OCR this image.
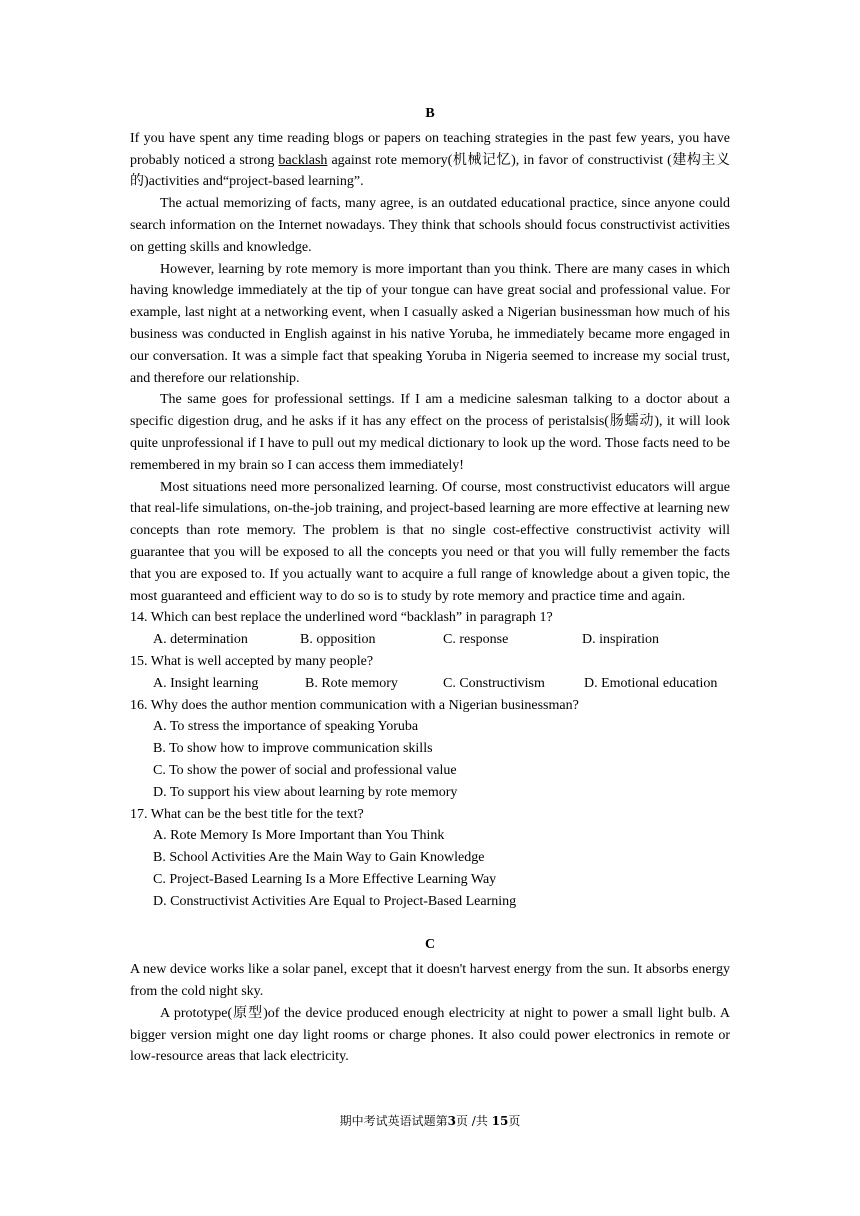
B

If you have spent any time reading blogs or papers on teaching strategies in the past few years, you have probably noticed a strong backlash against rote memory(机械记忆), in favor of constructivist (建构主义的)activities and“project-based learning”.

The actual memorizing of facts, many agree, is an outdated educational practice, since anyone could search information on the Internet nowadays. They think that schools should focus constructivist activities on getting skills and knowledge.

However, learning by rote memory is more important than you think. There are many cases in which having knowledge immediately at the tip of your tongue can have great social and professional value. For example, last night at a networking event, when I casually asked a Nigerian businessman how much of his business was conducted in English against in his native Yoruba, he immediately became more engaged in our conversation. It was a simple fact that speaking Yoruba in Nigeria seemed to increase my social trust, and therefore our relationship.

The same goes for professional settings. If I am a medicine salesman talking to a doctor about a specific digestion drug, and he asks if it has any effect on the process of peristalsis(肠蠕动), it will look quite unprofessional if I have to pull out my medical dictionary to look up the word. Those facts need to be remembered in my brain so I can access them immediately!

Most situations need more personalized learning. Of course, most constructivist educators will argue that real-life simulations, on-the-job training, and project-based learning are more effective at learning new concepts than rote memory. The problem is that no single cost-effective constructivist activity will guarantee that you will be exposed to all the concepts you need or that you will fully remember the facts that you are exposed to. If you actually want to acquire a full range of knowledge about a given topic, the most guaranteed and efficient way to do so is to study by rote memory and practice time and again.

14. Which can best replace the underlined word “backlash” in paragraph 1?

A. determination	B. opposition	C. response	D. inspiration

15. What is well accepted by many people?

A. Insight learning	B. Rote memory	C. Constructivism	D. Emotional education

16. Why does the author mention communication with a Nigerian businessman?

A. To stress the importance of speaking Yoruba

B. To show how to improve communication skills

C. To show the power of social and professional value

D. To support his view about learning by rote memory

17. What can be the best title for the text?

A. Rote Memory Is More Important than You Think

B. School Activities Are the Main Way to Gain Knowledge

C. Project-Based Learning Is a More Effective Learning Way

D. Constructivist Activities Are Equal to Project-Based Learning

C

A new device works like a solar panel, except that it doesn't harvest energy from the sun. It absorbs energy from the cold night sky.

A prototype(原型)of the device produced enough electricity at night to power a small light bulb. A bigger version might one day light rooms or charge phones. It also could power electronics in remote or low-resource areas that lack electricity.

期中考试英语试题第3页 /共 15页
